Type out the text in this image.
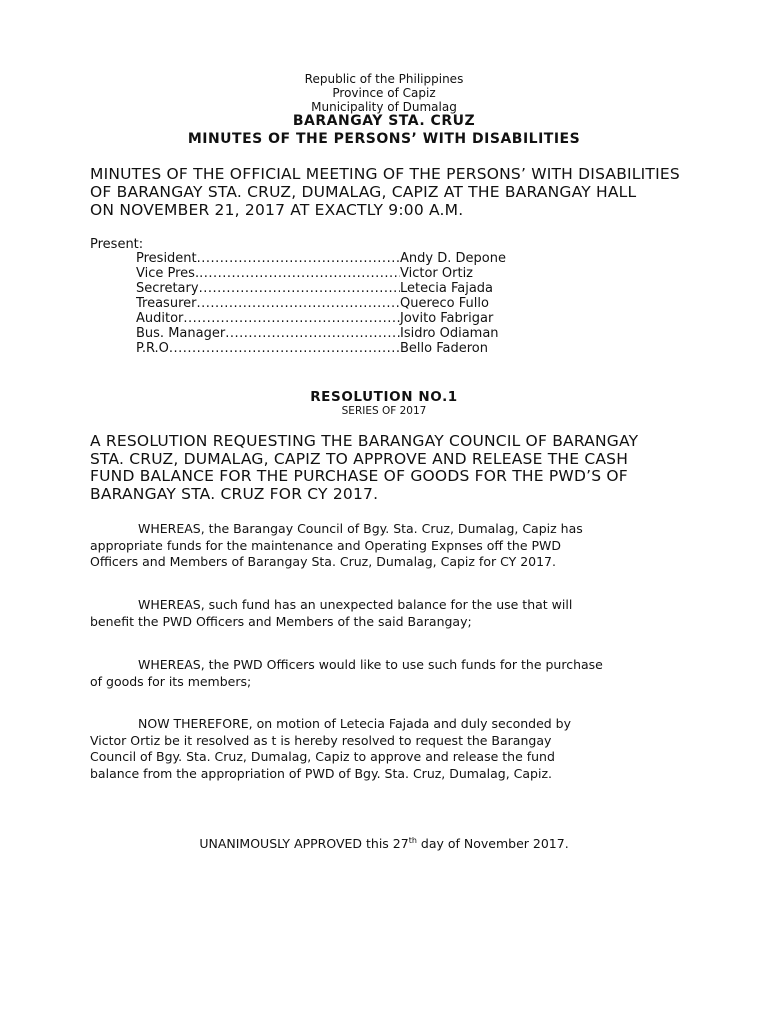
Republic of the Philippines
Province of Capiz
Municipality of Dumalag
BARANGAY STA. CRUZ
MINUTES OF THE PERSONS’ WITH DISABILITIES
MINUTES OF THE OFFICIAL MEETING OF THE PERSONS’ WITH DISABILITIES
OF BARANGAY STA. CRUZ, DUMALAG, CAPIZ AT THE BARANGAY HALL
ON NOVEMBER 21, 2017 AT EXACTLY 9:00 A.M.
Present:
President .....	Andy D. Depone
Vice Pres. .....	Victor Ortiz
Secretary .....	Letecia Fajada
Treasurer .....	Quereco Fullo
Auditor .....	Jovito Fabrigar
Bus. Manager .....	Isidro Odiaman
P.R.O .....	Bello Faderon
RESOLUTION NO.1
SERIES OF 2017
A RESOLUTION REQUESTING THE BARANGAY COUNCIL OF BARANGAY
STA. CRUZ, DUMALAG, CAPIZ TO APPROVE AND RELEASE THE CASH
FUND BALANCE FOR THE PURCHASE OF GOODS FOR THE PWD’S OF
BARANGAY STA. CRUZ FOR CY 2017.
WHEREAS, the Barangay Council of Bgy. Sta. Cruz, Dumalag, Capiz has
appropriate funds for the maintenance and Operating Expnses off the PWD
Officers and Members of Barangay Sta. Cruz, Dumalag, Capiz for CY 2017.
WHEREAS, such fund has an unexpected balance for the use that will
benefit the PWD Officers and Members of the said Barangay;
WHEREAS, the PWD Officers would like to use such funds for the purchase
of goods for its members;
NOW THEREFORE, on motion of Letecia Fajada and duly seconded by
Victor Ortiz be it resolved as t is hereby resolved to request the Barangay
Council of Bgy. Sta. Cruz, Dumalag, Capiz to approve and release the fund
balance from the appropriation of PWD of Bgy. Sta. Cruz, Dumalag, Capiz.
UNANIMOUSLY APPROVED this 27th day of November 2017.
